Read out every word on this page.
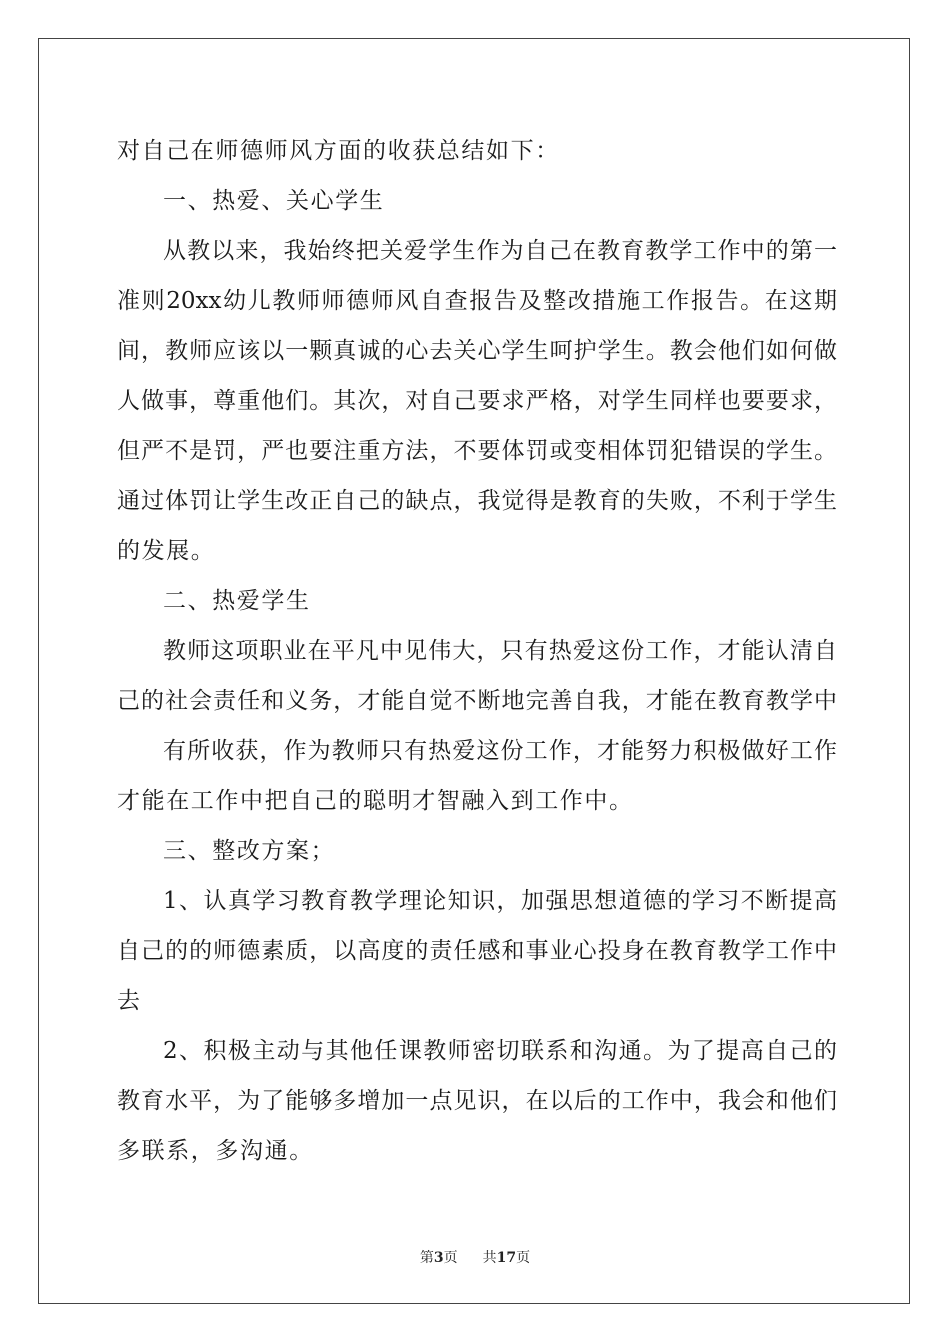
对自己在师德师风方面的收获总结如下：
一、热爱、关心学生
从教以来，我始终把关爱学生作为自己在教育教学工作中的第一
准则20xx幼儿教师师德师风自查报告及整改措施工作报告。在这期
间，教师应该以一颗真诚的心去关心学生呵护学生。教会他们如何做
人做事，尊重他们。其次，对自己要求严格，对学生同样也要要求，
但严不是罚，严也要注重方法，不要体罚或变相体罚犯错误的学生。
通过体罚让学生改正自己的缺点，我觉得是教育的失败，不利于学生
的发展。
二、热爱学生
教师这项职业在平凡中见伟大，只有热爱这份工作，才能认清自
己的社会责任和义务，才能自觉不断地完善自我，才能在教育教学中
有所收获，作为教师只有热爱这份工作，才能努力积极做好工作
才能在工作中把自己的聪明才智融入到工作中。
三、整改方案；
1、认真学习教育教学理论知识，加强思想道德的学习不断提高
自己的的师德素质，以高度的责任感和事业心投身在教育教学工作中
去
2、积极主动与其他任课教师密切联系和沟通。为了提高自己的
教育水平，为了能够多增加一点见识，在以后的工作中，我会和他们
多联系，多沟通。
第3页 共17页
